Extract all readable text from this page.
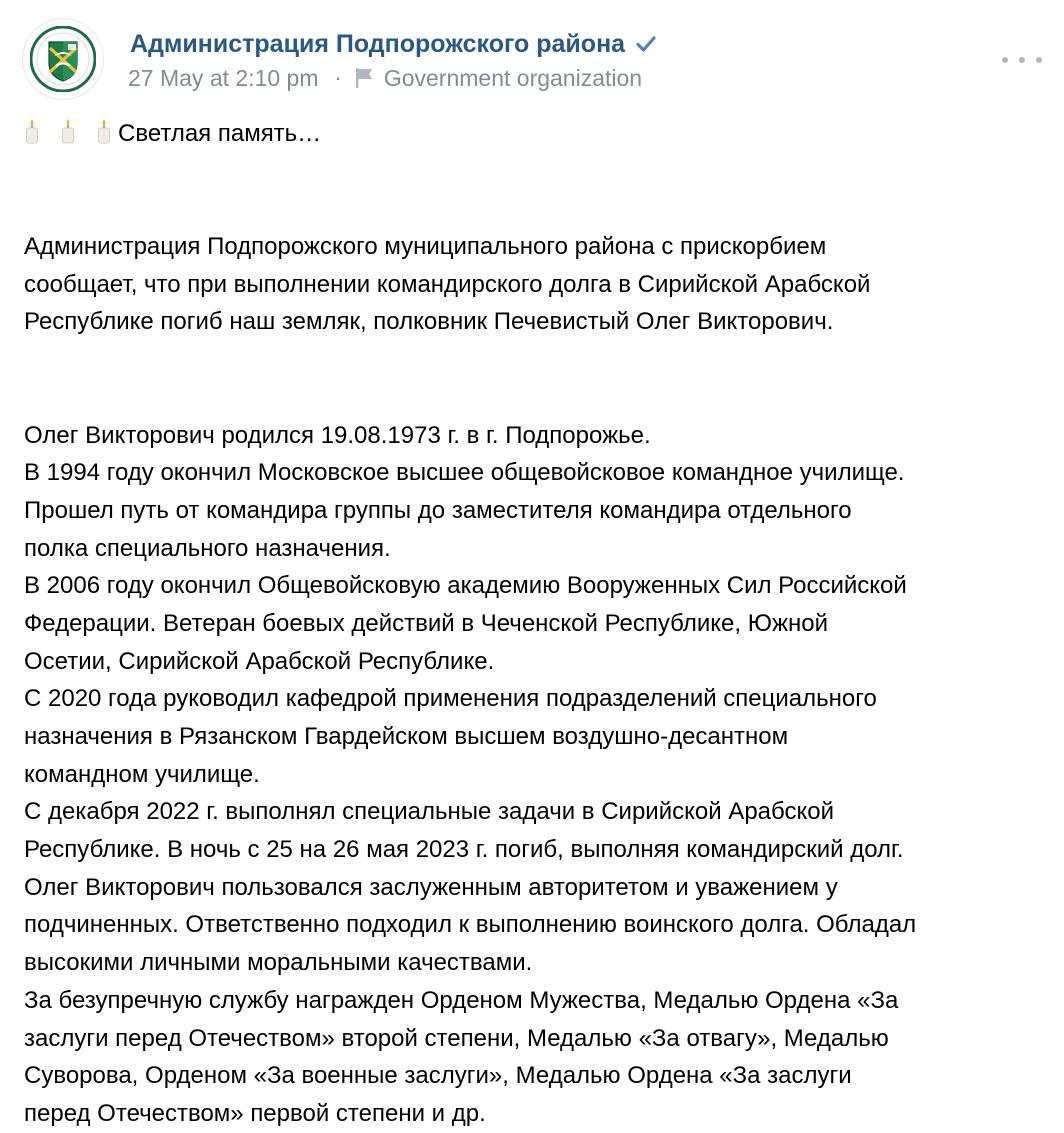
Администрация Подпорожского района
27 May at 2:10 pm · Government organization
Светлая память…
Администрация Подпорожского муниципального района с прискорбием
сообщает, что при выполнении командирского долга в Сирийской Арабской
Республике погиб наш земляк, полковник Печевистый Олег Викторович.
Олег Викторович родился 19.08.1973 г. в г. Подпорожье.
В 1994 году окончил Московское высшее общевойсковое командное училище.
Прошел путь от командира группы до заместителя командира отдельного
полка специального назначения.
В 2006 году окончил Общевойсковую академию Вооруженных Сил Российской
Федерации. Ветеран боевых действий в Чеченской Республике, Южной
Осетии, Сирийской Арабской Республике.
С 2020 года руководил кафедрой применения подразделений специального
назначения в Рязанском Гвардейском высшем воздушно-десантном
командном училище.
С декабря 2022 г. выполнял специальные задачи в Сирийской Арабской
Республике. В ночь с 25 на 26 мая 2023 г. погиб, выполняя командирский долг.
Олег Викторович пользовался заслуженным авторитетом и уважением у
подчиненных. Ответственно подходил к выполнению воинского долга. Обладал
высокими личными моральными качествами.
За безупречную службу награжден Орденом Мужества, Медалью Ордена «За
заслуги перед Отечеством» второй степени, Медалью «За отвагу», Медалью
Суворова, Орденом «За военные заслуги», Медалью Ордена «За заслуги
перед Отечеством» первой степени и др.
